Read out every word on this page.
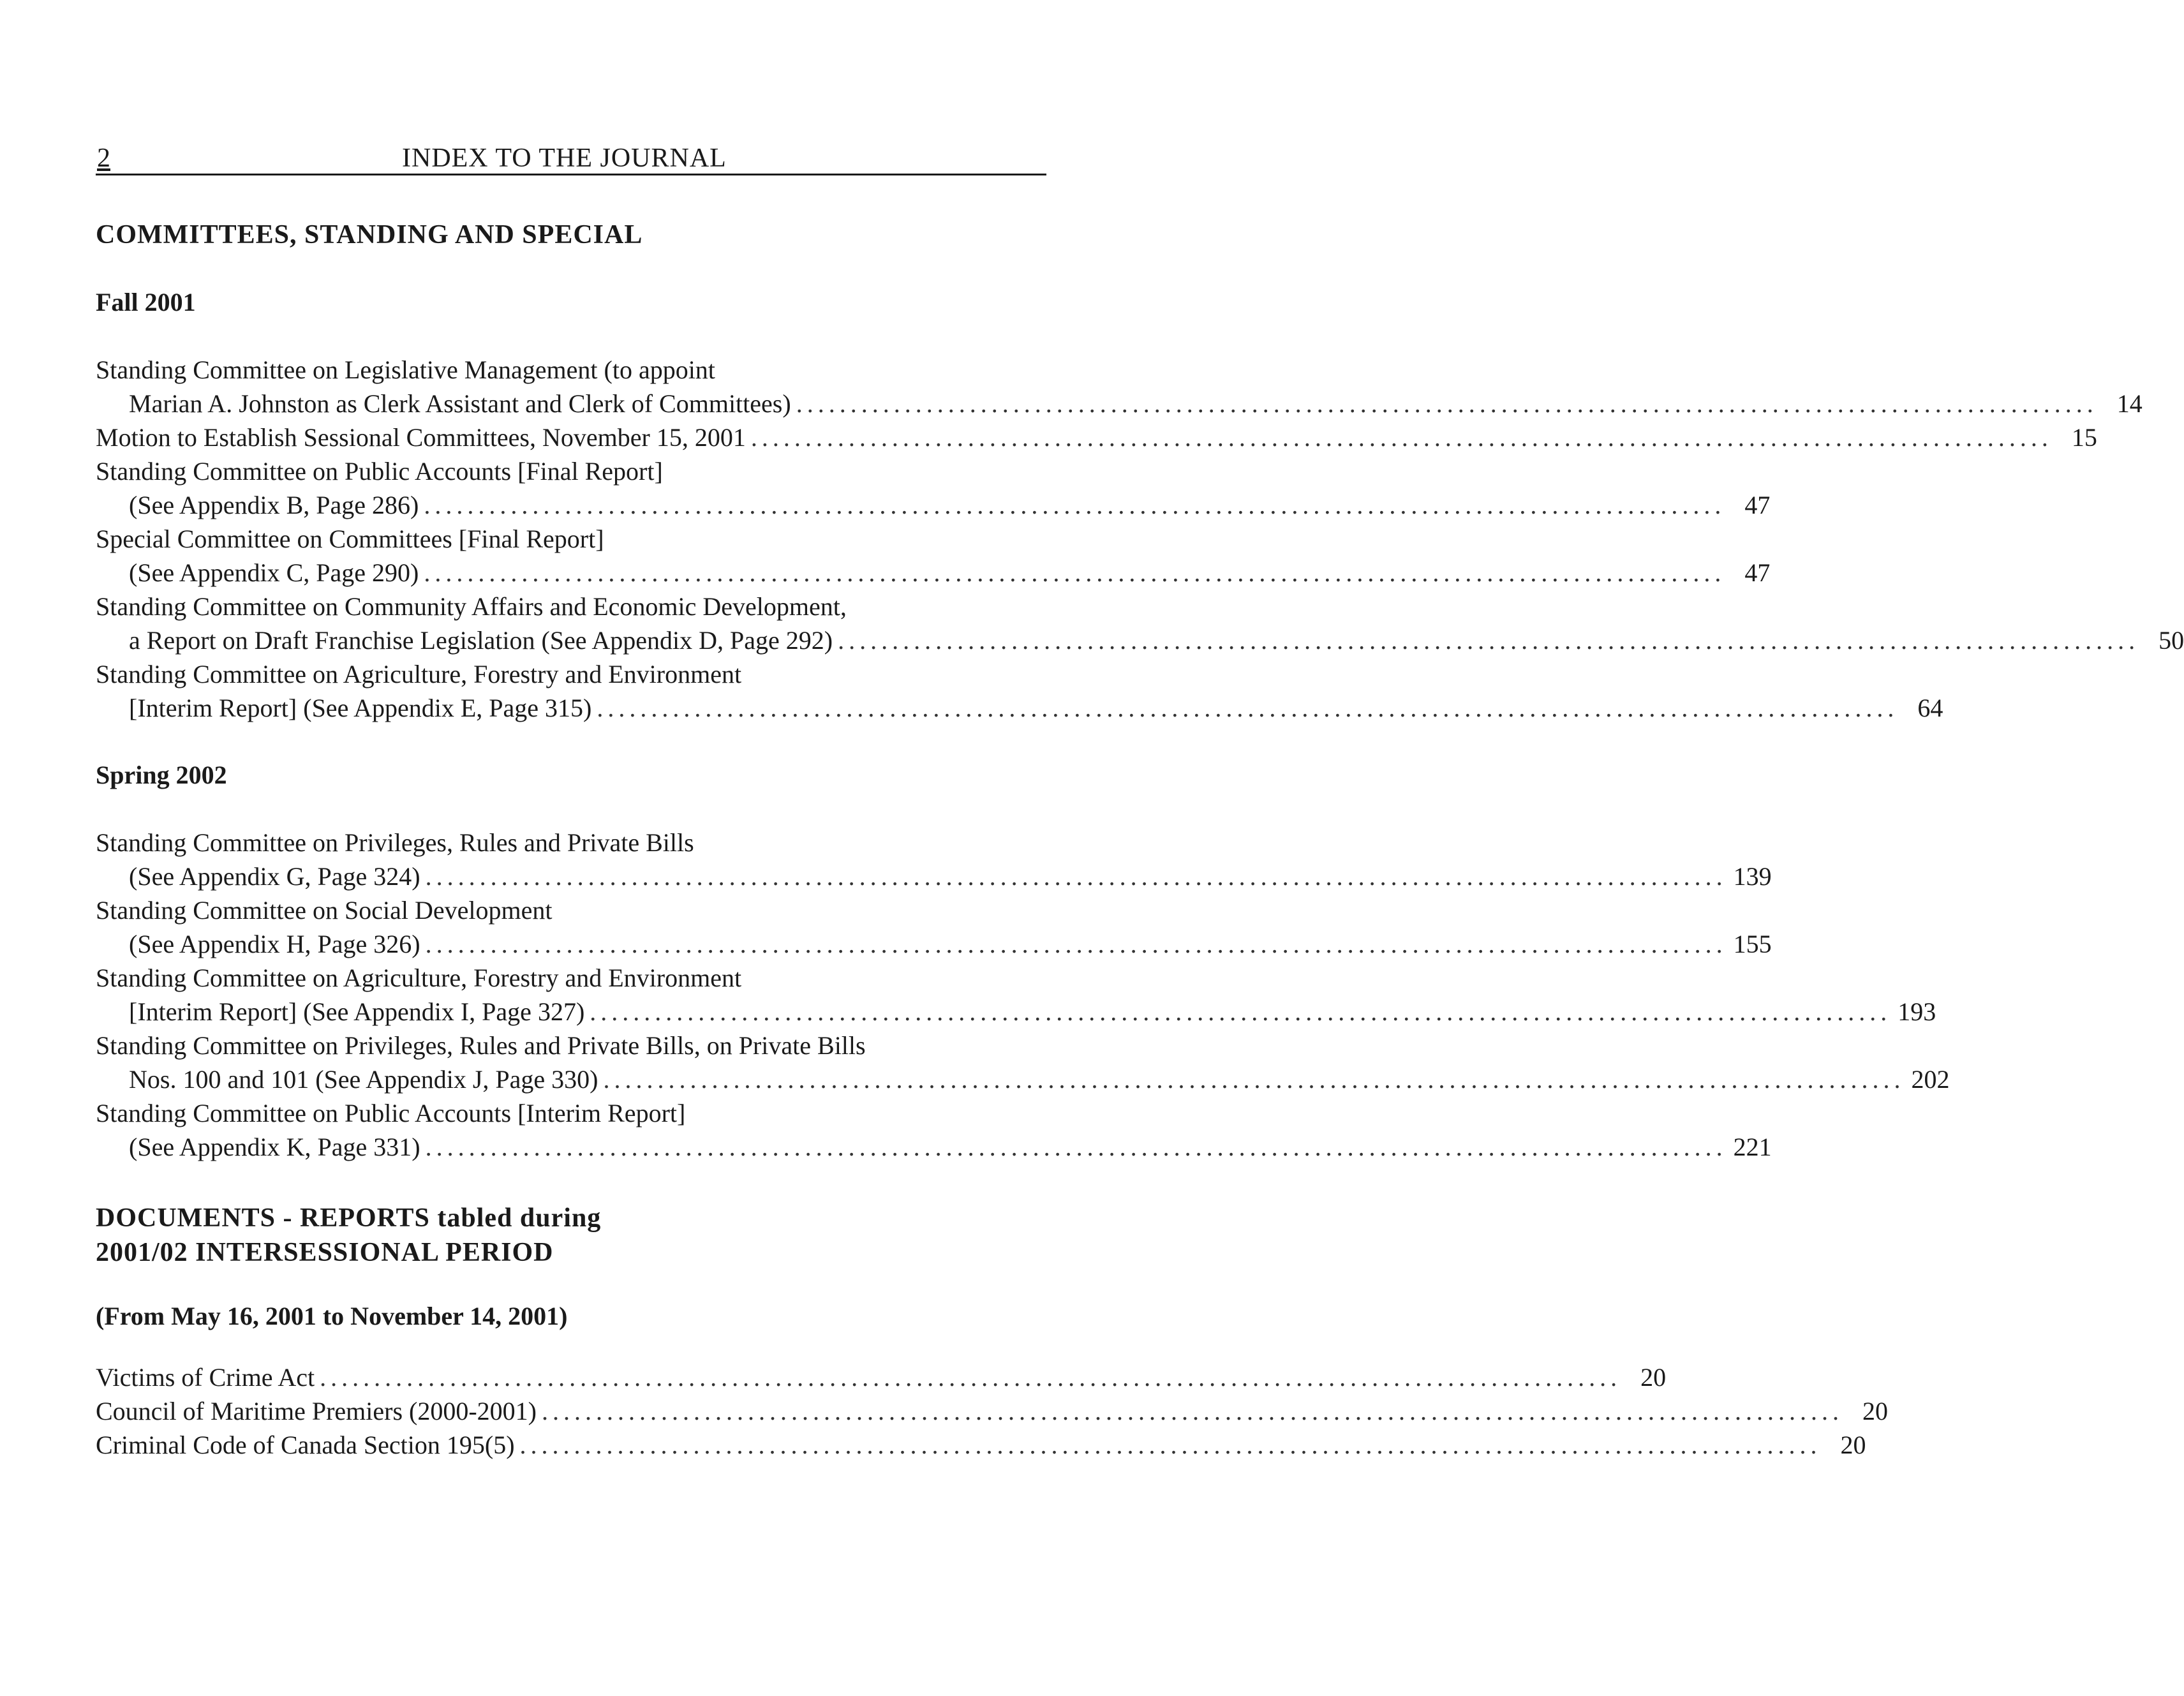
2	INDEX TO THE JOURNAL
COMMITTEES, STANDING AND SPECIAL
Fall 2001
Standing Committee on Legislative Management (to appoint
Marian A. Johnston as Clerk Assistant and Clerk of Committees) ........................................................................................................................ 14
Motion to Establish Sessional Committees, November 15, 2001 ........................................................................................................................ 15
Standing Committee on Public Accounts [Final Report]
(See Appendix B, Page 286) ........................................................................................................................ 47
Special Committee on Committees [Final Report]
(See Appendix C, Page 290) ........................................................................................................................ 47
Standing Committee on Community Affairs and Economic Development,
a Report on Draft Franchise Legislation (See Appendix D, Page 292) ........................................................................................................................ 50
Standing Committee on Agriculture, Forestry and Environment
[Interim Report] (See Appendix E, Page 315) ........................................................................................................................ 64
Spring 2002
Standing Committee on Privileges, Rules and Private Bills
(See Appendix G, Page 324) ........................................................................................................................ 139
Standing Committee on Social Development
(See Appendix H, Page 326) ........................................................................................................................ 155
Standing Committee on Agriculture, Forestry and Environment
[Interim Report] (See Appendix I, Page 327) ........................................................................................................................ 193
Standing Committee on Privileges, Rules and Private Bills, on Private Bills
Nos. 100 and 101 (See Appendix J, Page 330) ........................................................................................................................ 202
Standing Committee on Public Accounts [Interim Report]
(See Appendix K, Page 331) ........................................................................................................................ 221
DOCUMENTS - REPORTS tabled during
2001/02 INTERSESSIONAL PERIOD
(From May 16, 2001 to November 14, 2001)
Victims of Crime Act ........................................................................................................................ 20
Council of Maritime Premiers (2000-2001) ........................................................................................................................ 20
Criminal Code of Canada Section 195(5) ........................................................................................................................ 20
